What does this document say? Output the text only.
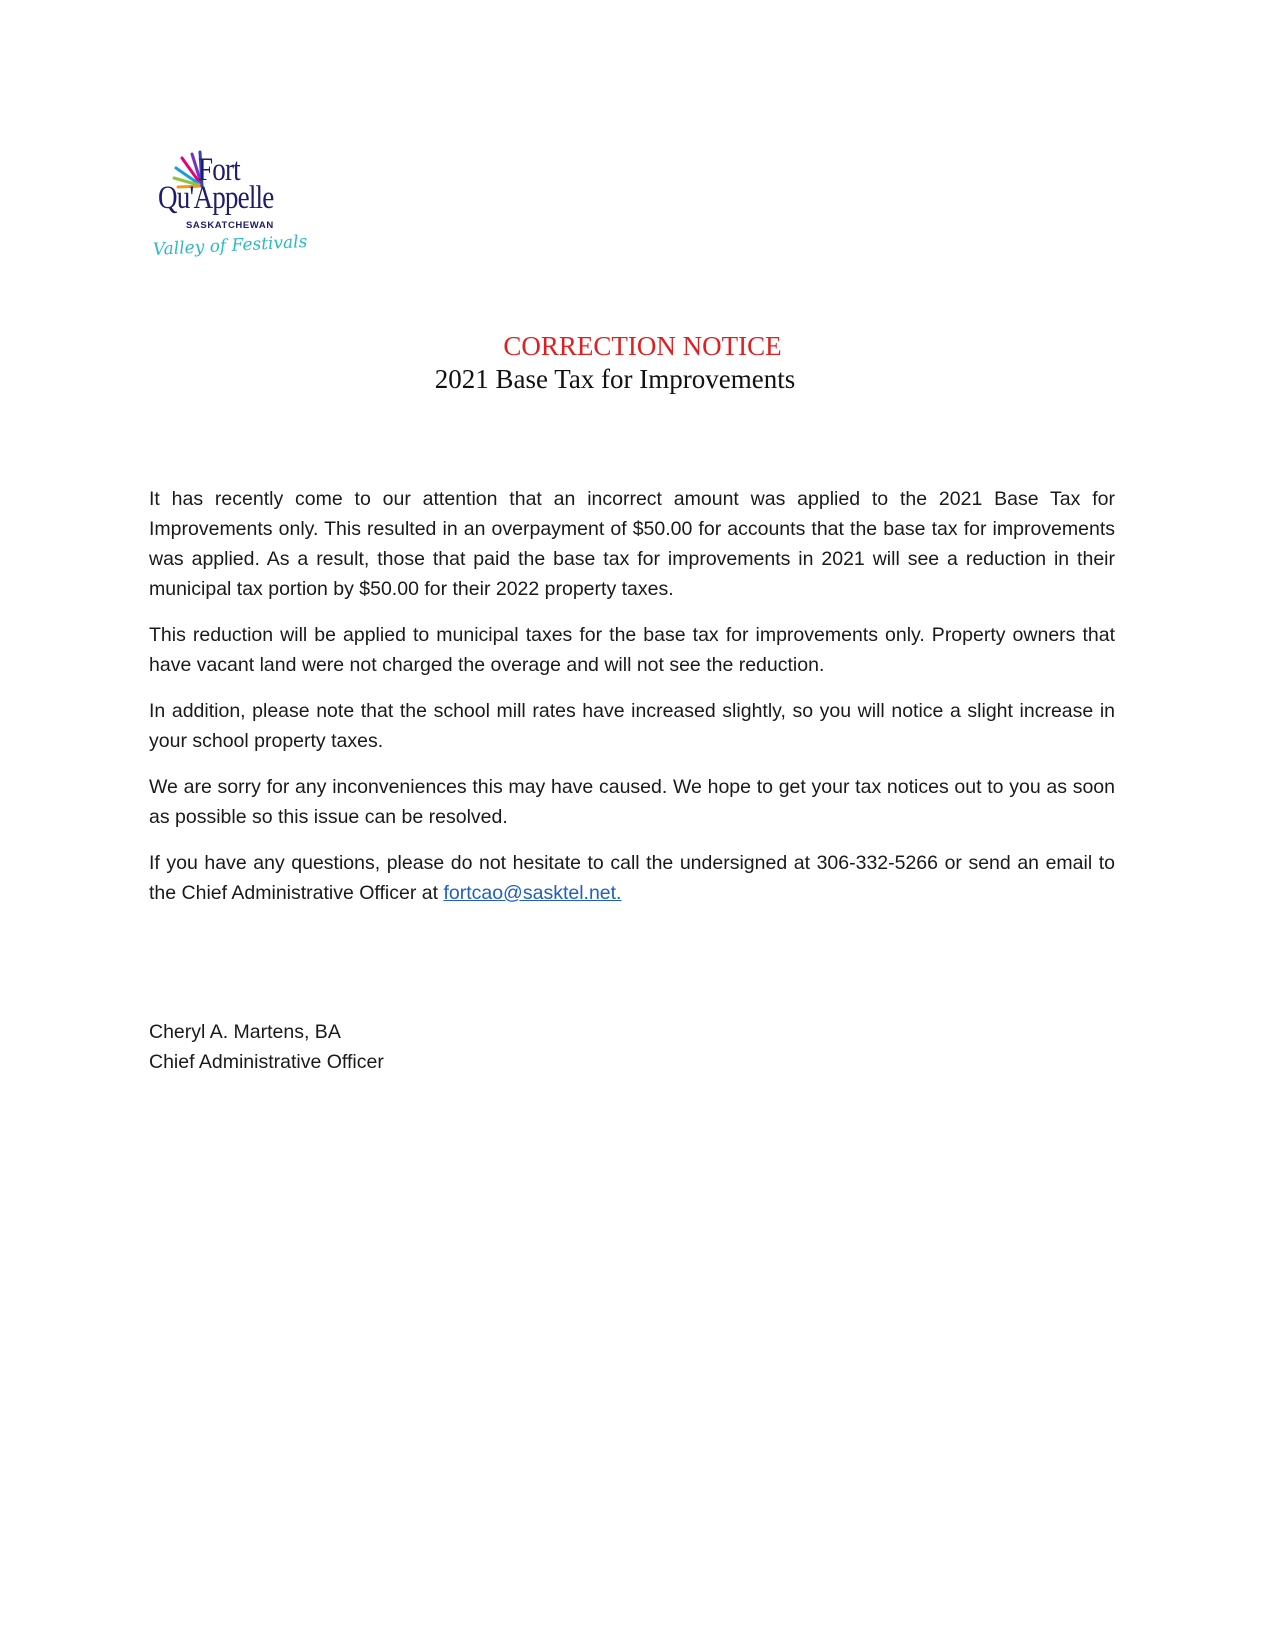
Fort
Qu'Appelle
SASKATCHEWAN
Valley of Festivals
CORRECTION NOTICE
2021 Base Tax for Improvements

It has recently come to our attention that an incorrect amount was applied to the 2021 Base Tax for Improvements only. This resulted in an overpayment of $50.00 for accounts that the base tax for improvements was applied. As a result, those that paid the base tax for improvements in 2021 will see a reduction in their municipal tax portion by $50.00 for their 2022 property taxes.

This reduction will be applied to municipal taxes for the base tax for improvements only. Property owners that have vacant land were not charged the overage and will not see the reduction.

In addition, please note that the school mill rates have increased slightly, so you will notice a slight increase in your school property taxes.

We are sorry for any inconveniences this may have caused. We hope to get your tax notices out to you as soon as possible so this issue can be resolved.

If you have any questions, please do not hesitate to call the undersigned at 306-332-5266 or send an email to the Chief Administrative Officer at fortcao@sasktel.net.

Cheryl A. Martens, BA
Chief Administrative Officer
